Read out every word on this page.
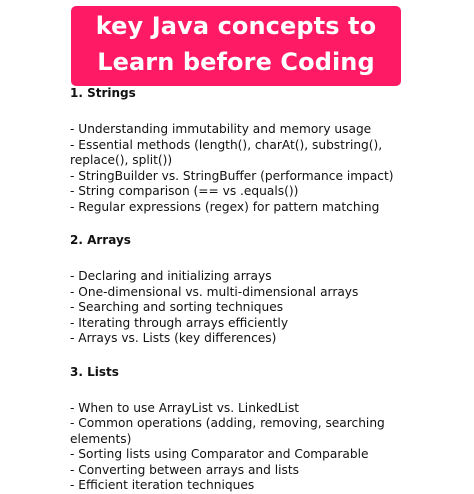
key Java concepts to
Learn before Coding

1. Strings

- Understanding immutability and memory usage

- Essential methods (length(), charAt(), substring(),

replace(), split())

- StringBuilder vs. StringBuffer (performance impact)

- String comparison (== vs .equals())

- Regular expressions (regex) for pattern matching

2. Arrays

- Declaring and initializing arrays

- One-dimensional vs. multi-dimensional arrays

- Searching and sorting techniques

- Iterating through arrays efficiently

- Arrays vs. Lists (key differences)

3. Lists

- When to use ArrayList vs. LinkedList

- Common operations (adding, removing, searching

elements)

- Sorting lists using Comparator and Comparable

- Converting between arrays and lists

- Efficient iteration techniques
